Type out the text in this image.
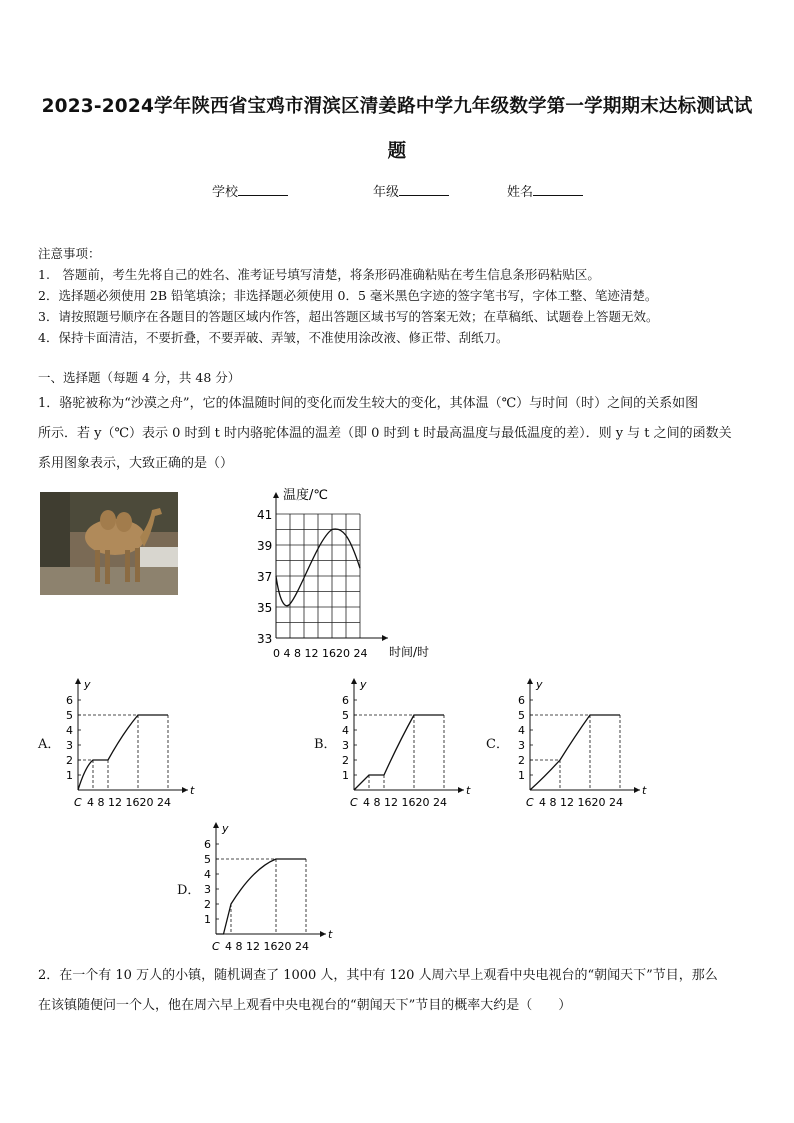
2023-2024学年陕西省宝鸡市渭滨区清姜路中学九年级数学第一学期期末达标测试试
题
学校	年级	姓名
注意事项：
1.　答题前，考生先将自己的姓名、准考证号填写清楚，将条形码准确粘贴在考生信息条形码粘贴区。
2．选择题必须使用 2B 铅笔填涂；非选择题必须使用 0．5 毫米黑色字迹的签字笔书写，字体工整、笔迹清楚。
3．请按照题号顺序在各题目的答题区域内作答，超出答题区域书写的答案无效；在草稿纸、试题卷上答题无效。
4．保持卡面清洁，不要折叠，不要弄破、弄皱，不准使用涂改液、修正带、刮纸刀。
一、选择题（每题 4 分，共 48 分）
1．骆驼被称为“沙漠之舟”，它的体温随时间的变化而发生较大的变化，其体温（℃）与时间（时）之间的关系如图
所示．若 y（℃）表示 0 时到 t 时内骆驼体温的温差（即 0 时到 t 时最高温度与最低温度的差）．则 y 与 t 之间的函数关
系用图象表示，大致正确的是（）
温度/℃
时间/时
41
39
37
35
33
0 4 8 12 1620 24
A．
y
t
6
5
4
3
2
1
C 4 8 12 1620 24
B．
y
t
6
5
4
3
2
1
C 4 8 12 1620 24
C．
y
t
6
5
4
3
2
1
C 4 8 12 1620 24
D．
y
t
6
5
4
3
2
1
C 4 8 12 1620 24
2．在一个有 10 万人的小镇，随机调查了 1000 人，其中有 120 人周六早上观看中央电视台的“朝闻天下”节目，那么
在该镇随便问一个人，他在周六早上观看中央电视台的“朝闻天下”节目的概率大约是（　　）
